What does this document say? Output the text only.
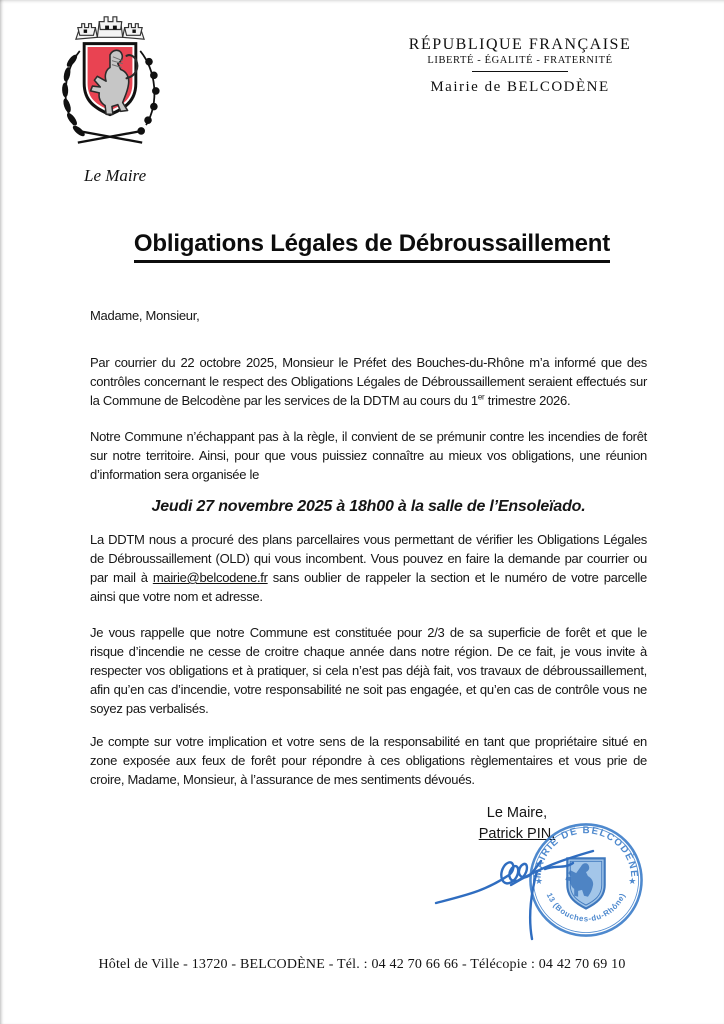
Le Maire
RÉPUBLIQUE FRANÇAISE
LIBERTÉ - ÉGALITÉ - FRATERNITÉ
Mairie de BELCODÈNE
Obligations Légales de Débroussaillement

Madame, Monsieur,

Par courrier du 22 octobre 2025, Monsieur le Préfet des Bouches-du-Rhône m’a informé que des contrôles concernant le respect des Obligations Légales de Débroussaillement seraient effectués sur la Commune de Belcodène par les services de la DDTM au cours du 1er trimestre 2026.

Notre Commune n’échappant pas à la règle, il convient de se prémunir contre les incendies de forêt sur notre territoire. Ainsi, pour que vous puissiez connaître au mieux vos obligations, une réunion d’information sera organisée le

Jeudi 27 novembre 2025 à 18h00 à la salle de l’Ensoleïado.

La DDTM nous a procuré des plans parcellaires vous permettant de vérifier les Obligations Légales de Débroussaillement (OLD) qui vous incombent. Vous pouvez en faire la demande par courrier ou par mail à mairie@belcodene.fr sans oublier de rappeler la section et le numéro de votre parcelle ainsi que votre nom et adresse.

Je vous rappelle que notre Commune est constituée pour 2/3 de sa superficie de forêt et que le risque d’incendie ne cesse de croitre chaque année dans notre région. De ce fait, je vous invite à respecter vos obligations et à pratiquer, si cela n’est pas déjà fait, vos travaux de débroussaillement, afin qu’en cas d’incendie, votre responsabilité ne soit pas engagée, et qu’en cas de contrôle vous ne soyez pas verbalisés.

Je compte sur votre implication et votre sens de la responsabilité en tant que propriétaire situé en zone exposée aux feux de forêt pour répondre à ces obligations règlementaires et vous prie de croire, Madame, Monsieur, à l’assurance de mes sentiments dévoués.

Le Maire,
Patrick PIN.
MAIRIE DE BELCODÈNE
13 (Bouches-du-Rhône)
★	★
Hôtel de Ville - 13720 - BELCODÈNE - Tél. : 04 42 70 66 66 - Télécopie : 04 42 70 69 10
